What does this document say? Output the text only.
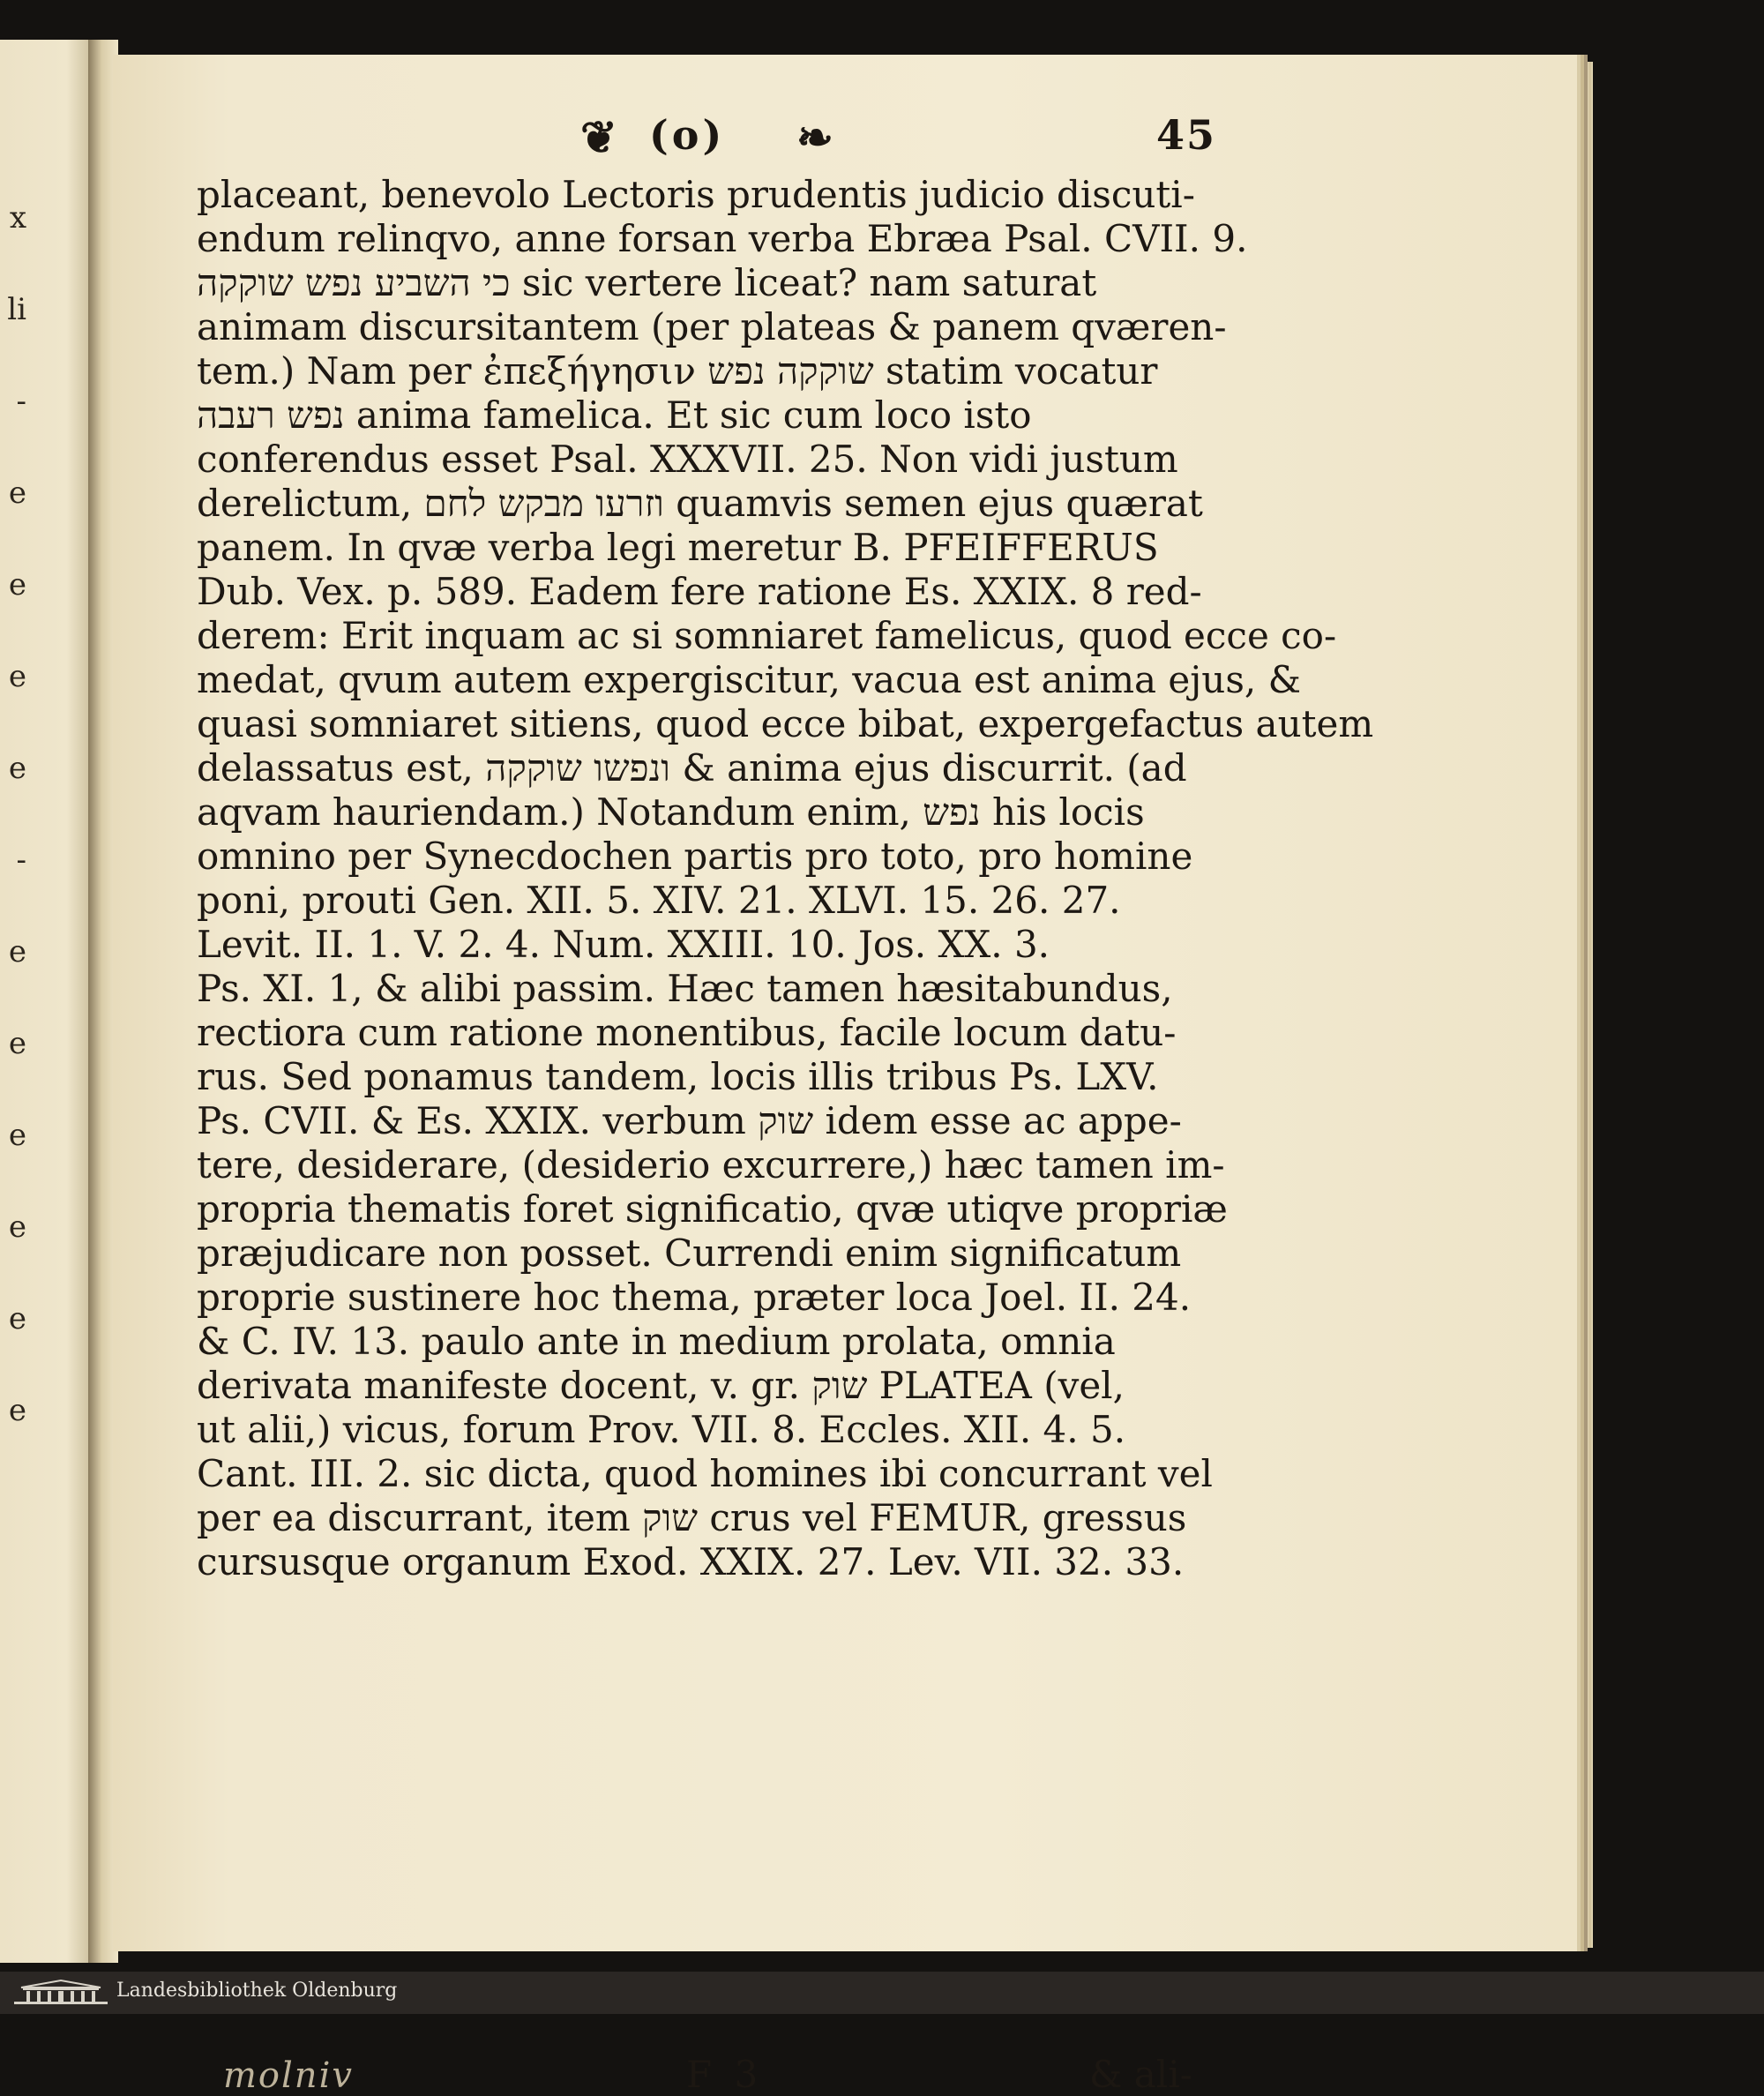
x
li
-
e
e
e
e
-
e
e
e
e
e
e
❦ (o) ❧	45
placeant, benevolo Lectoris prudentis judicio discuti-
endum relinqvo, anne forsan verba Ebræa Psal. CVII. 9.
כי השביע נפש שוקקה sic vertere liceat? nam saturat
animam discursitantem (per plateas & panem qværen-
tem.) Nam per ἐπεξήγησιν שוקקה נפש statim vocatur
נפש רעבה anima famelica. Et sic cum loco isto
conferendus esset Psal. XXXVII. 25. Non vidi justum
derelictum, וזרעו מבקש לחם quamvis semen ejus quærat
panem. In qvæ verba legi meretur B. PFEIFFERUS
Dub. Vex. p. 589. Eadem fere ratione Es. XXIX. 8 red-
derem: Erit inquam ac si somniaret famelicus, quod ecce co-
medat, qvum autem expergiscitur, vacua est anima ejus, &
quasi somniaret sitiens, quod ecce bibat, expergefactus autem
delassatus est, ונפשו שוקקה & anima ejus discurrit. (ad
aqvam hauriendam.) Notandum enim, נפש his locis
omnino per Synecdochen partis pro toto, pro homine
poni, prouti Gen. XII. 5. XIV. 21. XLVI. 15. 26. 27.
Levit. II. 1. V. 2. 4. Num. XXIII. 10. Jos. XX. 3.
Ps. XI. 1, & alibi passim. Hæc tamen hæsitabundus,
rectiora cum ratione monentibus, facile locum datu-
rus. Sed ponamus tandem, locis illis tribus Ps. LXV.
Ps. CVII. & Es. XXIX. verbum שוק idem esse ac appe-
tere, desiderare, (desiderio excurrere,) hæc tamen im-
propria thematis foret significatio, qvæ utiqve propriæ
præjudicare non posset. Currendi enim significatum
proprie sustinere hoc thema, præter loca Joel. II. 24.
& C. IV. 13. paulo ante in medium prolata, omnia
derivata manifeste docent, v. gr. שוק PLATEA (vel,
ut alii,) vicus, forum Prov. VII. 8. Eccles. XII. 4. 5.
Cant. III. 2. sic dicta, quod homines ibi concurrant vel
per ea discurrant, item שוק crus vel FEMUR, gressus
cursusque organum Exod. XXIX. 27. Lev. VII. 32. 33.
F 3	& ali-
molniv
Landesbibliothek Oldenburg
